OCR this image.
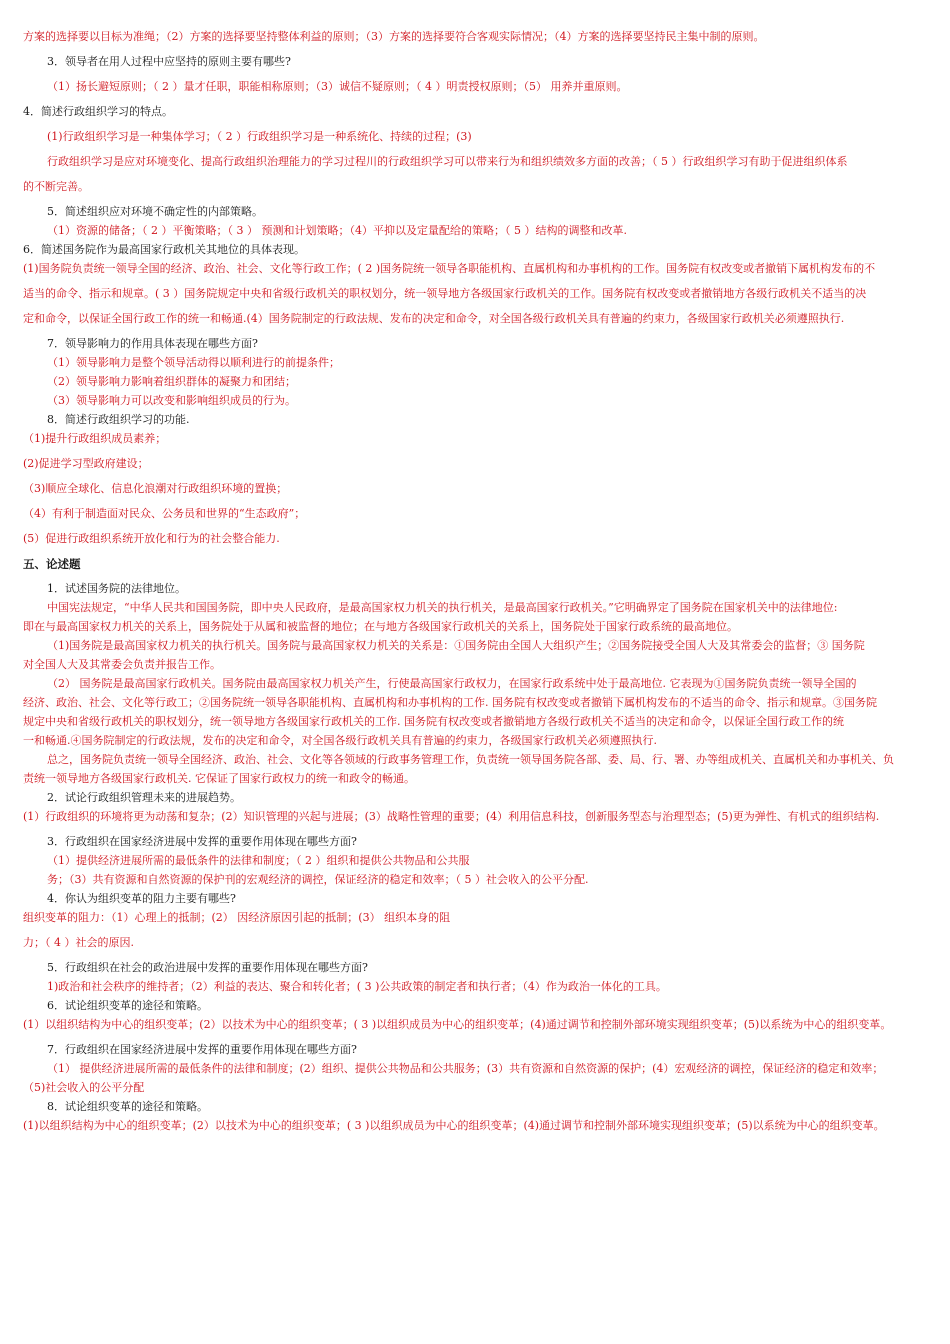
方案的选择要以目标为准绳；（2）方案的选择要坚持整体利益的原则；（3）方案的选择要符合客观实际情况；（4）方案的选择要坚持民主集中制的原则。
3．领导者在用人过程中应坚持的原则主要有哪些?
（1）扬长避短原则；（ 2 ）量才任职，职能相称原则；（3）诚信不疑原则；（ 4 ）明责授权原则；（5） 用养并重原则。
4．简述行政组织学习的特点。
(1)行政组织学习是一种集体学习；（ 2 ）行政组织学习是一种系统化、持续的过程；(3)
行政组织学习是应对环境变化、提高行政组织治理能力的学习过程川的行政组织学习可以带来行为和组织绩效多方面的改善；（ 5 ）行政组织学习有助于促进组织体系
的不断完善。
5．简述组织应对环境不确定性的内部策略。
（1）资源的储备；（ 2 ）平衡策略；（ 3 ） 预测和计划策略；（4）平抑以及定量配给的策略；（ 5 ）结构的调整和改革.
6．简述国务院作为最高国家行政机关其地位的具体表现。
(1)国务院负责统一领导全国的经济、政治、社会、文化等行政工作；( 2 )国务院统一领导各职能机构、直属机构和办事机构的工作。国务院有权改变或者撤销下属机构发布的不
适当的命令、指示和规章。( 3 ）国务院规定中央和省级行政机关的职权划分，统一领导地方各级国家行政机关的工作。国务院有权改变或者撤销地方各级行政机关不适当的决
定和命令，以保证全国行政工作的统一和畅通.(4）国务院制定的行政法规、发布的决定和命令，对全国各级行政机关具有普遍的约束力，各级国家行政机关必须遵照执行.
7．领导影响力的作用具体表现在哪些方面?
（1）领导影响力是整个领导活动得以顺利进行的前提条件；
（2）领导影响力影响着组织群体的凝聚力和团结；
（3）领导影响力可以改变和影响组织成员的行为。
8．简述行政组织学习的功能.
（1)提升行政组织成员素养；
(2)促进学习型政府建设；
（3)顺应全球化、信息化浪潮对行政组织环境的置换；
（4）有利于制造面对民众、公务员和世界的“生态政府”；
(5）促进行政组织系统开放化和行为的社会整合能力.
五、论述题
1．试述国务院的法律地位。
中国宪法规定，“中华人民共和国国务院，即中央人民政府，是最高国家权力机关的执行机关，是最高国家行政机关。”它明确界定了国务院在国家机关中的法律地位:
即在与最高国家权力机关的关系上，国务院处于从属和被监督的地位；在与地方各级国家行政机关的关系上，国务院处于国家行政系统的最高地位。
（1)国务院是最高国家权力机关的执行机关。国务院与最高国家权力机关的关系是：①国务院由全国人大组织产生；②国务院接受全国人大及其常委会的监督；③ 国务院
对全国人大及其常委会负责并报告工作。
（2） 国务院是最高国家行政机关。国务院由最高国家权力机关产生，行使最高国家行政权力，在国家行政系统中处于最高地位. 它表现为①国务院负责统一领导全国的
经济、政治、社会、文化等行政工；②国务院统一领导各职能机构、直属机构和办事机构的工作. 国务院有权改变或者撤销下属机构发布的不适当的命令、指示和规章。③国务院
规定中央和省级行政机关的职权划分，统一领导地方各级国家行政机关的工作. 国务院有权改变或者撤销地方各级行政机关不适当的决定和命令，以保证全国行政工作的统
一和畅通.④国务院制定的行政法规，发布的决定和命令，对全国各级行政机关具有普遍的约束力，各级国家行政机关必须遵照执行.
总之，国务院负责统一领导全国经济、政治、社会、文化等各领域的行政事务管理工作，负责统一领导国务院各部、委、局、行、署、办等组成机关、直属机关和办事机关、负
责统一领导地方各级国家行政机关. 它保证了国家行政权力的统一和政令的畅通。
2．试论行政组织管理未来的进展趋势。
(1）行政组织的环境将更为动荡和复杂；(2）知识管理的兴起与进展；(3）战略性管理的重要；(4）利用信息科技，创新服务型态与治理型态；(5)更为弹性、有机式的组织结构.
3．行政组织在国家经济进展中发挥的重要作用体现在哪些方面?
（1）提供经济进展所需的最低条件的法律和制度；（ 2 ）组织和提供公共物品和公共服
务；（3）共有资源和自然资源的保护刊的宏观经济的调控，保证经济的稳定和效率；（ 5 ）社会收入的公平分配.
4．你认为组织变革的阻力主要有哪些?
组织变革的阻力：（1）心理上的抵制；(2） 因经济原因引起的抵制；(3） 组织本身的阻
力；（ 4 ）社会的原因.
5．行政组织在社会的政治进展中发挥的重要作用体现在哪些方面?
1)政治和社会秩序的维持者；（2）利益的表达、聚合和转化者；( 3 )公共政策的制定者和执行者；（4）作为政治一体化的工具。
6．试论组织变革的途径和策略。
(1）以组织结构为中心的组织变革；(2）以技术为中心的组织变革；( 3 )以组织成员为中心的组织变革；(4)通过调节和控制外部环境实现组织变革；(5)以系统为中心的组织变革。
7．行政组织在国家经济进展中发挥的重要作用体现在哪些方面?
（1） 提供经济进展所需的最低条件的法律和制度；(2）组织、提供公共物品和公共服务；(3）共有资源和自然资源的保护；(4）宏观经济的调控，保证经济的稳定和效率；
（5)社会收入的公平分配
8．试论组织变革的途径和策略。
(1)以组织结构为中心的组织变革；(2）以技术为中心的组织变革；( 3 )以组织成员为中心的组织变革；(4)通过调节和控制外部环境实现组织变革；(5)以系统为中心的组织变革。
